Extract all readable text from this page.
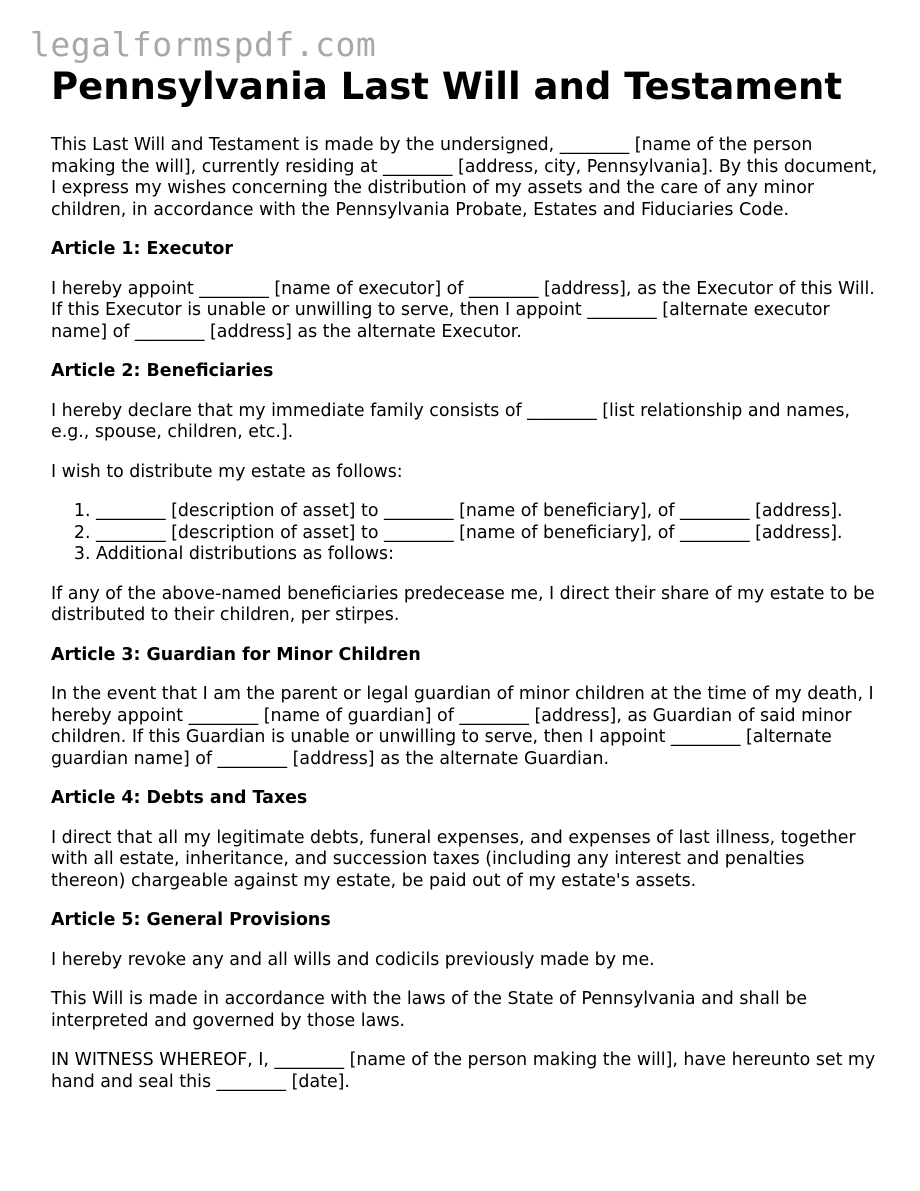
legalformspdf.com
Pennsylvania Last Will and Testament

This Last Will and Testament is made by the undersigned, ________ [name of the person making the will], currently residing at ________ [address, city, Pennsylvania]. By this document, I express my wishes concerning the distribution of my assets and the care of any minor children, in accordance with the Pennsylvania Probate, Estates and Fiduciaries Code.

Article 1: Executor

I hereby appoint ________ [name of executor] of ________ [address], as the Executor of this Will. If this Executor is unable or unwilling to serve, then I appoint ________ [alternate executor name] of ________ [address] as the alternate Executor.

Article 2: Beneficiaries

I hereby declare that my immediate family consists of ________ [list relationship and names, e.g., spouse, children, etc.].

I wish to distribute my estate as follows:

1. ________ [description of asset] to ________ [name of beneficiary], of ________ [address].
2. ________ [description of asset] to ________ [name of beneficiary], of ________ [address].
3. Additional distributions as follows:

If any of the above-named beneficiaries predecease me, I direct their share of my estate to be distributed to their children, per stirpes.

Article 3: Guardian for Minor Children

In the event that I am the parent or legal guardian of minor children at the time of my death, I hereby appoint ________ [name of guardian] of ________ [address], as Guardian of said minor children. If this Guardian is unable or unwilling to serve, then I appoint ________ [alternate guardian name] of ________ [address] as the alternate Guardian.

Article 4: Debts and Taxes

I direct that all my legitimate debts, funeral expenses, and expenses of last illness, together with all estate, inheritance, and succession taxes (including any interest and penalties thereon) chargeable against my estate, be paid out of my estate's assets.

Article 5: General Provisions

I hereby revoke any and all wills and codicils previously made by me.

This Will is made in accordance with the laws of the State of Pennsylvania and shall be interpreted and governed by those laws.

IN WITNESS WHEREOF, I, ________ [name of the person making the will], have hereunto set my hand and seal this ________ [date].
